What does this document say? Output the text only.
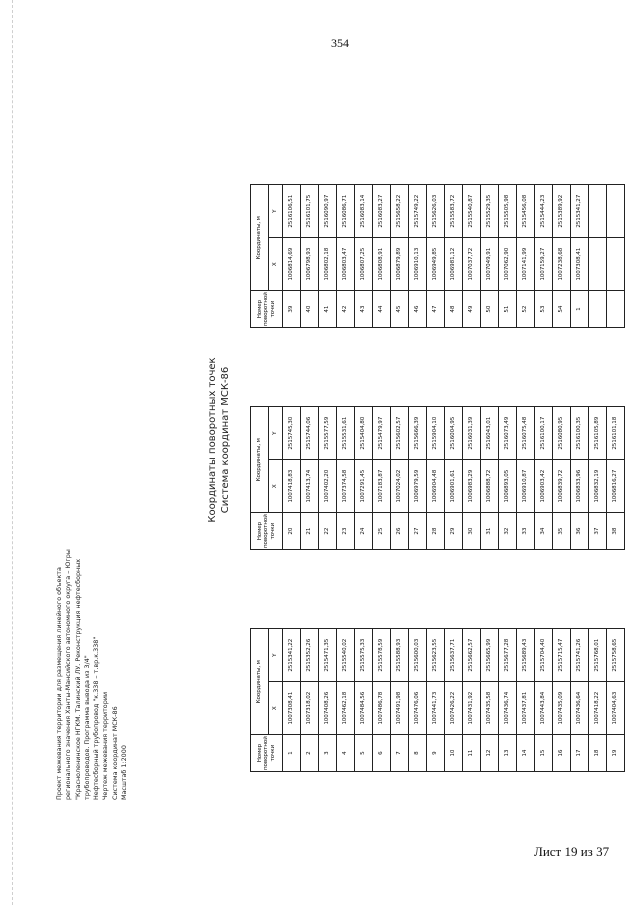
354
Проект межевания территории для размещения линейного объекта регионального значения Ханты-Мансийского автономного округа – Югры "Красноленинское НГКМ. Талинский ЛУ. Реконструкция нефтесборных трубопроводов. Программа вывода из 3/4" Нефтесборный трубопровод "к.338 – т.вр.к.338" Чертеж межевания территории Система координат МСК-86 Масштаб 1:2000
Координаты поворотных точек Система координат МСК-86
Номер поворотной точки	Координаты, м	
	Х	Y
1	1007308,41	2515341,22
2	1007318,02	2515352,26
3	1007408,26	2515471,35
4	1007462,18	2515540,02
5	1007484,56	2515575,33
6	1007486,78	2515578,59
7	1007491,98	2515588,93
8	1007476,06	2515600,03
9	1007441,73	2515623,55
10	1007426,22	2515637,71
11	1007431,92	2515662,57
12	1007435,58	2515665,99
13	1007436,74	2515677,28
14	1007437,81	2515689,43
15	1007443,84	2515704,40
16	1007435,09	2515715,47
17	1007436,64	2515741,26
18	1007418,22	2515768,01
19	1007404,63	2515758,65
Номер поворотной точки	Координаты, м	
	Х	Y
20	1007418,83	2515745,30
21	1007413,74	2515744,06
22	1007402,20	2515577,59
23	1007374,58	2515531,61
24	1007291,45	2515404,80
25	1007183,87	2515479,97
26	1007024,02	2515602,57
27	1006979,59	2515666,39
28	1006904,48	2515904,10
29	1006901,61	2516004,95
30	1006983,29	2516031,39
31	1006888,72	2516043,01
32	1006893,05	2516073,49
33	1006910,87	2516075,48
34	1006903,42	2516100,17
35	1006839,72	2516080,95
36	1006833,96	2516100,35
37	1006832,19	2516105,89
38	1006816,27	2516101,18
Номер поворотной точки	Координаты, м	
	Х	Y
39	1006814,69	2516106,51
40	1006798,93	2516101,75
41	1006802,18	2516090,97
42	1006803,47	2516086,71
43	1006807,25	2516083,14
44	1006808,91	2516083,27
45	1006879,89	2515658,22
46	1006910,13	2515749,22
47	1006949,85	2515626,03
48	1006981,12	2515583,72
49	1007037,72	2515540,87
50	1007049,91	2515529,35
51	1007062,90	2515505,98
52	1007141,99	2515456,08
53	1007159,27	2515444,23
54	1007238,68	2515389,92
1	1007308,41	2515341,27

Лист 19 из 37
